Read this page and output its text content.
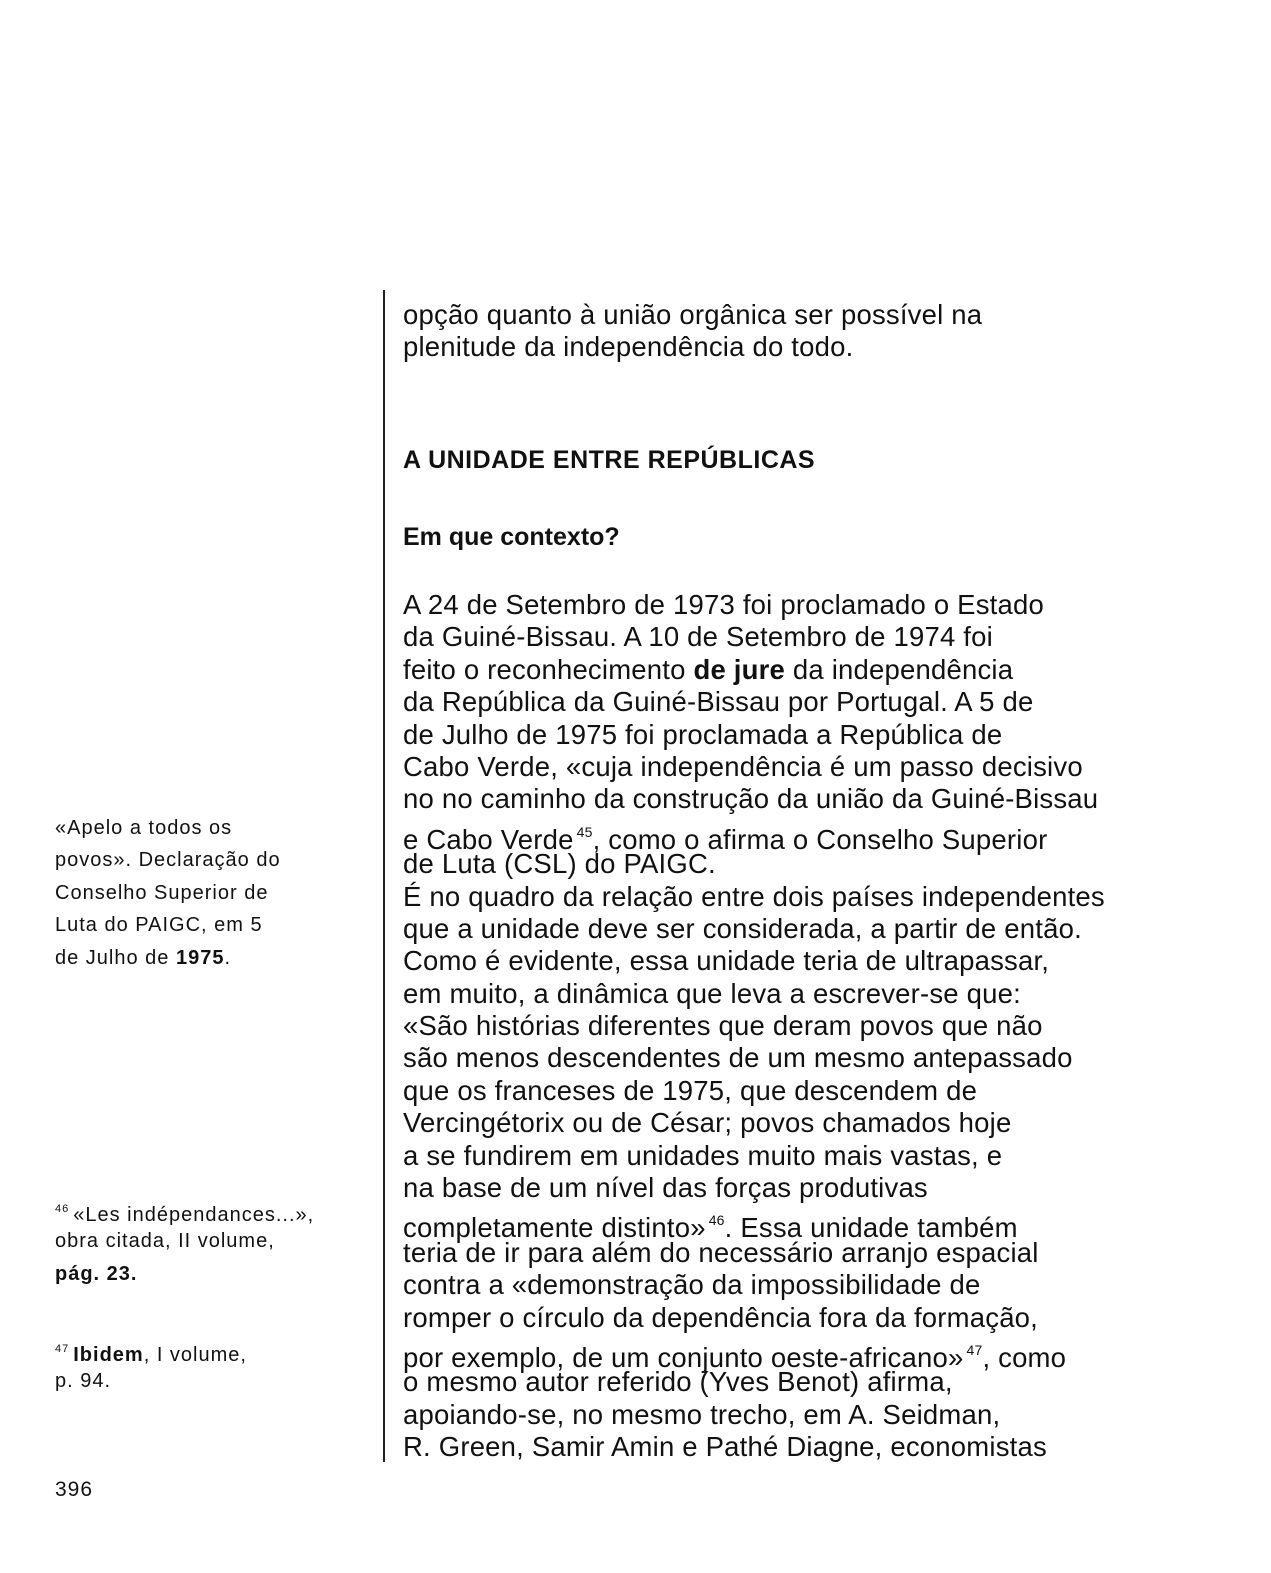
opção quanto à união orgânica ser possível na
plenitude da independência do todo.
A UNIDADE ENTRE REPÚBLICAS
Em que contexto?
A 24 de Setembro de 1973 foi proclamado o Estado
da Guiné-Bissau. A 10 de Setembro de 1974 foi
feito o reconhecimento de jure da independência
da República da Guiné-Bissau por Portugal. A 5 de
de Julho de 1975 foi proclamada a República de
Cabo Verde, «cuja independência é um passo decisivo
no no caminho da construção da união da Guiné-Bissau
e Cabo Verde $^{45}$, como o afirma o Conselho Superior
de Luta (CSL) do PAIGC.
É no quadro da relação entre dois países independentes
que a unidade deve ser considerada, a partir de então.
Como é evidente, essa unidade teria de ultrapassar,
em muito, a dinâmica que leva a escrever-se que:
«São histórias diferentes que deram povos que não
são menos descendentes de um mesmo antepassado
que os franceses de 1975, que descendem de
Vercingétorix ou de César; povos chamados hoje
a se fundirem em unidades muito mais vastas, e
na base de um nível das forças produtivas
completamente distinto» $^{46}$. Essa unidade também
teria de ir para além do necessário arranjo espacial
contra a «demonstração da impossibilidade de
romper o círculo da dependência fora da formação,
por exemplo, de um conjunto oeste-africano» $^{47}$, como
o mesmo autor referido (Yves Benot) afirma,
apoiando-se, no mesmo trecho, em A. Seidman,
R. Green, Samir Amin e Pathé Diagne, economistas
«Apelo a todos os
povos». Declaração do
Conselho Superior de
Luta do PAIGC, em 5
de Julho de 1975.
$^{46}$ «Les indépendances...»,
obra citada, II volume,
pág. 23.
$^{47}$ Ibidem, I volume,
p. 94.
396
